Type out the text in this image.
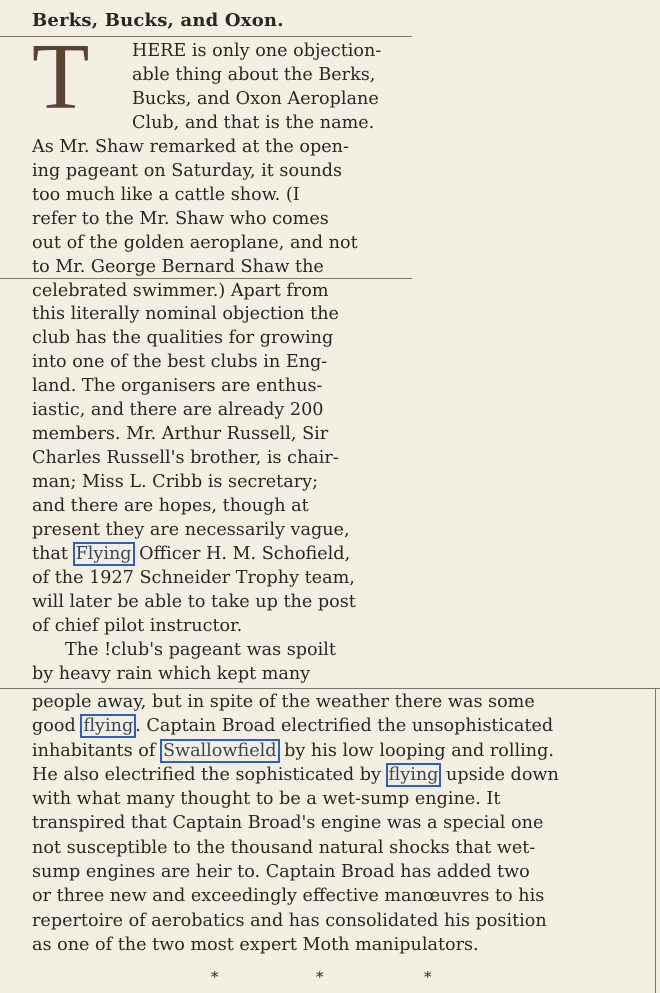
Berks, Bucks, and Oxon.
T	HERE is only one objection-
able thing about the Berks,
Bucks, and Oxon Aeroplane
Club, and that is the name.
As Mr. Shaw remarked at the open-
ing pageant on Saturday, it sounds
too much like a cattle show. (I
refer to the Mr. Shaw who comes
out of the golden aeroplane, and not
to Mr. George Bernard Shaw the
celebrated swimmer.) Apart from
this literally nominal objection the
club has the qualities for growing
into one of the best clubs in Eng-
land. The organisers are enthus-
iastic, and there are already 200
members. Mr. Arthur Russell, Sir
Charles Russell's brother, is chair-
man; Miss L. Cribb is secretary;
and there are hopes, though at
present they are necessarily vague,
that Flying Officer H. M. Schofield,
of the 1927 Schneider Trophy team,
will later be able to take up the post
of chief pilot instructor.
The !club's pageant was spoilt
by heavy rain which kept many
people away, but in spite of the weather there was some
good flying . Captain Broad electrified the unsophisticated
inhabitants of Swallowfield by his low looping and rolling.
He also electrified the sophisticated by flying upside down
with what many thought to be a wet-sump engine. It
transpired that Captain Broad's engine was a special one
not susceptible to the thousand natural shocks that wet-
sump engines are heir to. Captain Broad has added two
or three new and exceedingly effective manœuvres to his
repertoire of aerobatics and has consolidated his position
as one of the two most expert Moth manipulators.
*	*	*
